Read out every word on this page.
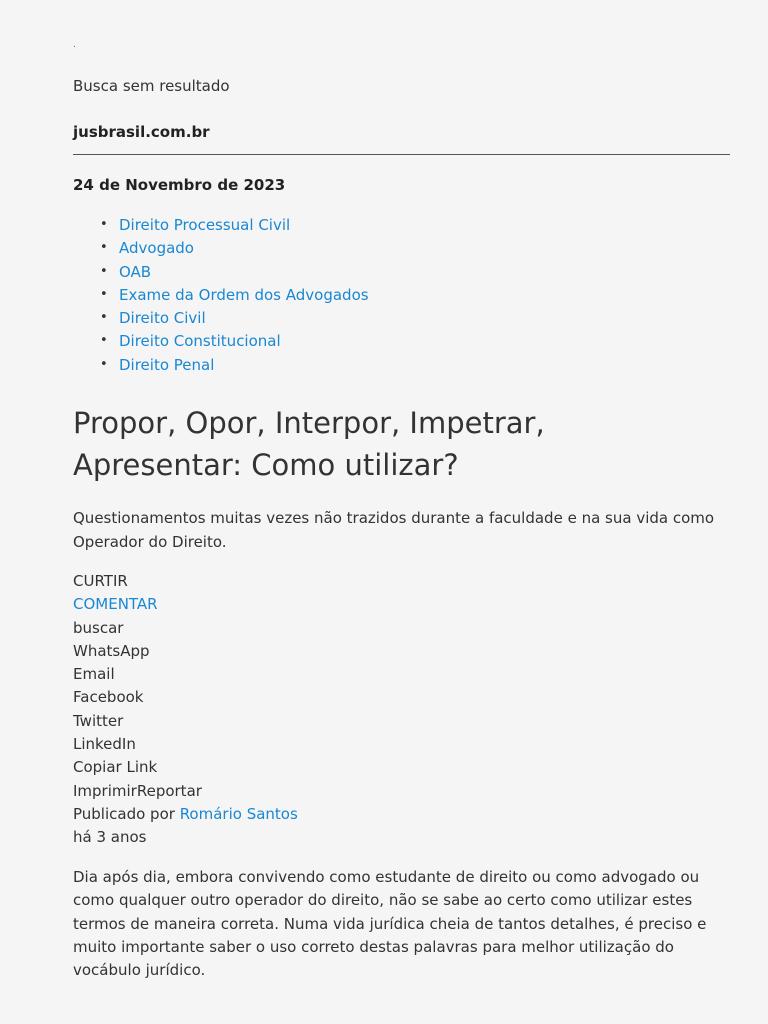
.
Busca sem resultado
jusbrasil.com.br
24 de Novembro de 2023
• Direito Processual Civil
• Advogado
• OAB
• Exame da Ordem dos Advogados
• Direito Civil
• Direito Constitucional
• Direito Penal
Propor, Opor, Interpor, Impetrar, Apresentar: Como utilizar?

Questionamentos muitas vezes não trazidos durante a faculdade e na sua vida como Operador do Direito.

CURTIR
COMENTAR
buscar
WhatsApp
Email
Facebook
Twitter
LinkedIn
Copiar Link
ImprimirReportar
Publicado por Romário Santos
há 3 anos

Dia após dia, embora convivendo como estudante de direito ou como advogado ou como qualquer outro operador do direito, não se sabe ao certo como utilizar estes termos de maneira correta. Numa vida jurídica cheia de tantos detalhes, é preciso e muito importante saber o uso correto destas palavras para melhor utilização do vocábulo jurídico.
